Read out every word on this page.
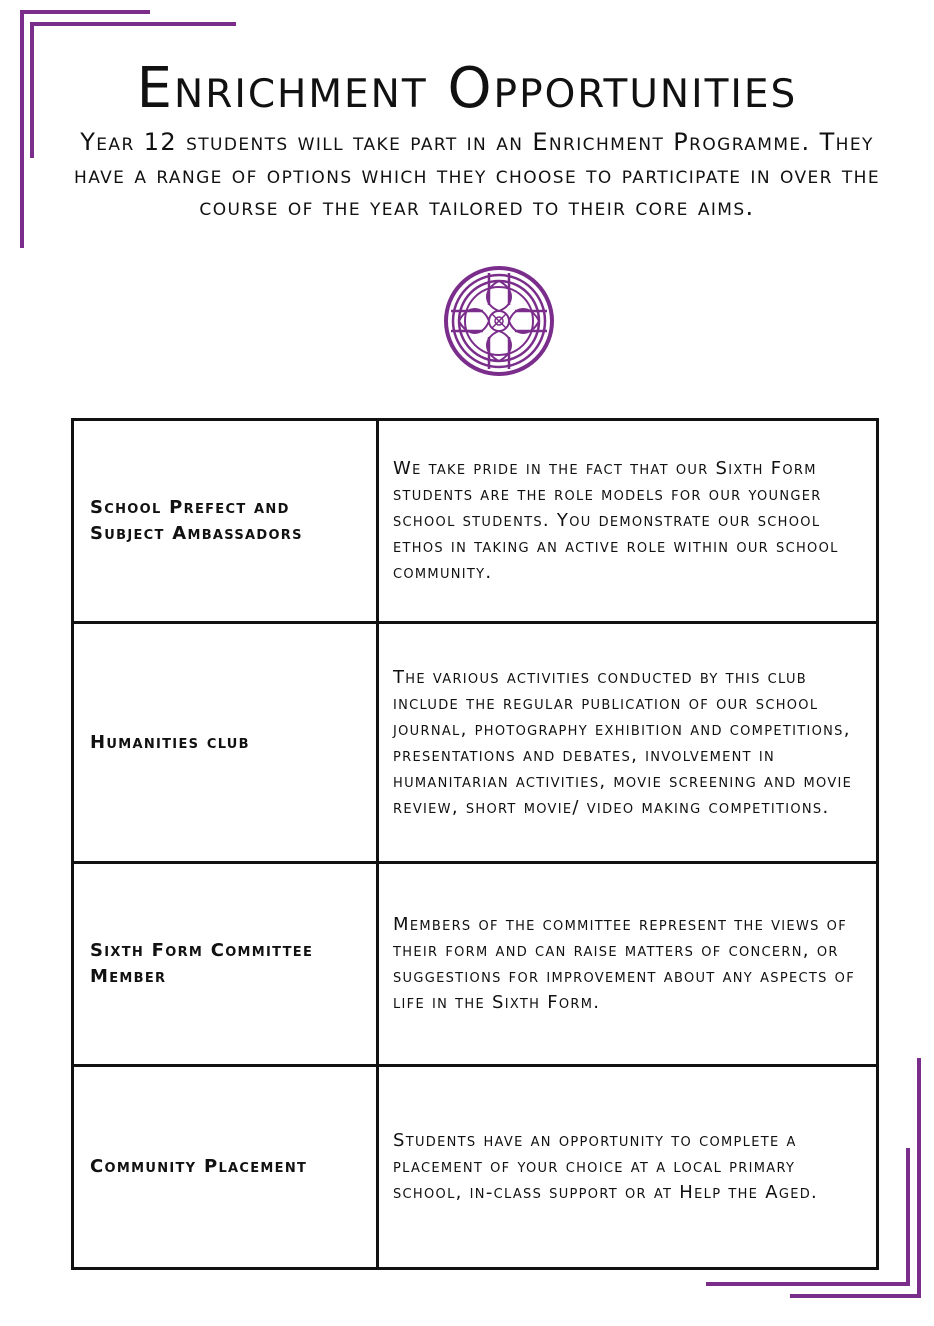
Enrichment Opportunities

Year 12 students will take part in an Enrichment Programme. They have a range of options which they choose to participate in over the course of the year tailored to their core aims.

School Prefect and Subject Ambassadors	We take pride in the fact that our Sixth Form students are the role models for our younger school students. You demonstrate our school ethos in taking an active role within our school community.
Humanities club	The various activities conducted by this club include the regular publication of our school journal, photography exhibition and competitions, presentations and debates, involvement in humanitarian activities, movie screening and movie review, short movie/ video making competitions.
Sixth Form Committee Member	Members of the committee represent the views of their form and can raise matters of concern, or suggestions for improvement about any aspects of life in the Sixth Form.
Community Placement	Students have an opportunity to complete a placement of your choice at a local primary school, in-class support or at Help the Aged.
